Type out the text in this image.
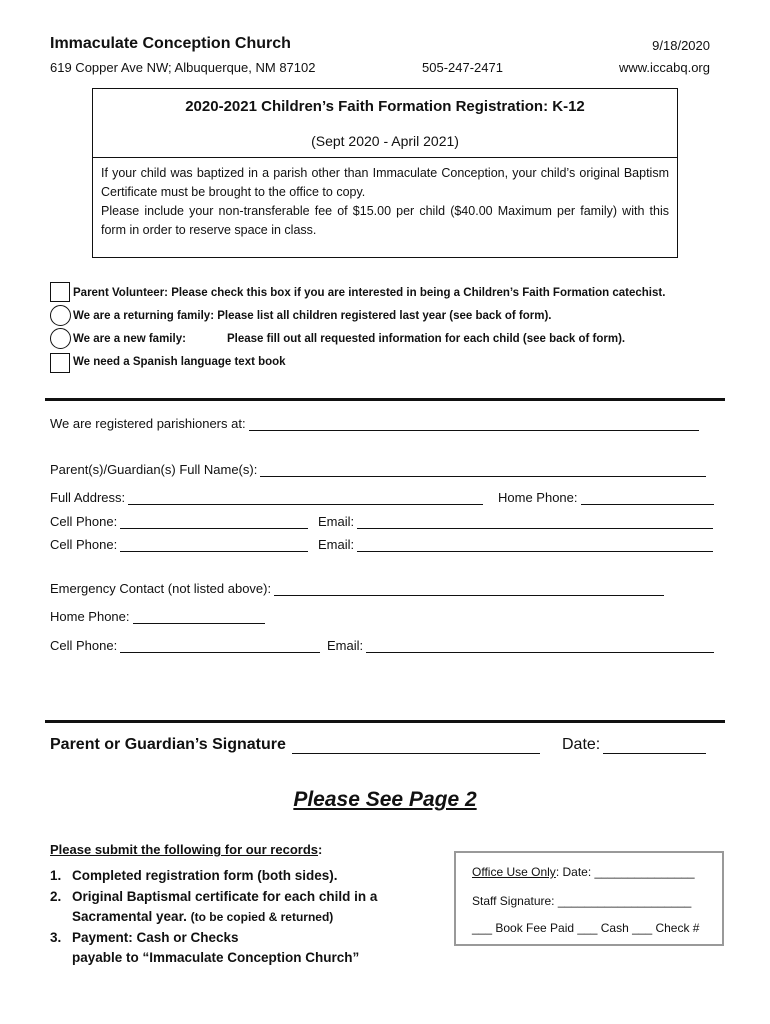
Immaculate Conception Church	9/18/2020
619 Copper Ave NW; Albuquerque, NM 87102	505-247-2471	www.iccabq.org
2020-2021 Children’s Faith Formation Registration: K-12
(Sept 2020 - April 2021)
If your child was baptized in a parish other than Immaculate Conception, your child’s original Baptism Certificate must be brought to the office to copy.
Please include your non-transferable fee of $15.00 per child ($40.00 Maximum per family) with this form in order to reserve space in class.
Parent Volunteer: Please check this box if you are interested in being a Children’s Faith Formation catechist.
We are a returning family: Please list all children registered last year (see back of form).
We are a new family:	Please fill out all requested information for each child (see back of form).
We need a Spanish language text book
We are registered parishioners at:
Parent(s)/Guardian(s) Full Name(s):
Full Address:	Home Phone:
Cell Phone:	Email:
Cell Phone:	Email:
Emergency Contact (not listed above):
Home Phone:
Cell Phone:	Email:
Parent or Guardian’s Signature	Date:
Please See Page 2
Please submit the following for our records:
1. Completed registration form (both sides).
2. Original Baptismal certificate for each child in a
Sacramental year. (to be copied & returned)
3. Payment: Cash or Checks
payable to “Immaculate Conception Church”
Office Use Only: Date: _______________
Staff Signature: ____________________
___ Book Fee Paid ___ Cash ___ Check #
